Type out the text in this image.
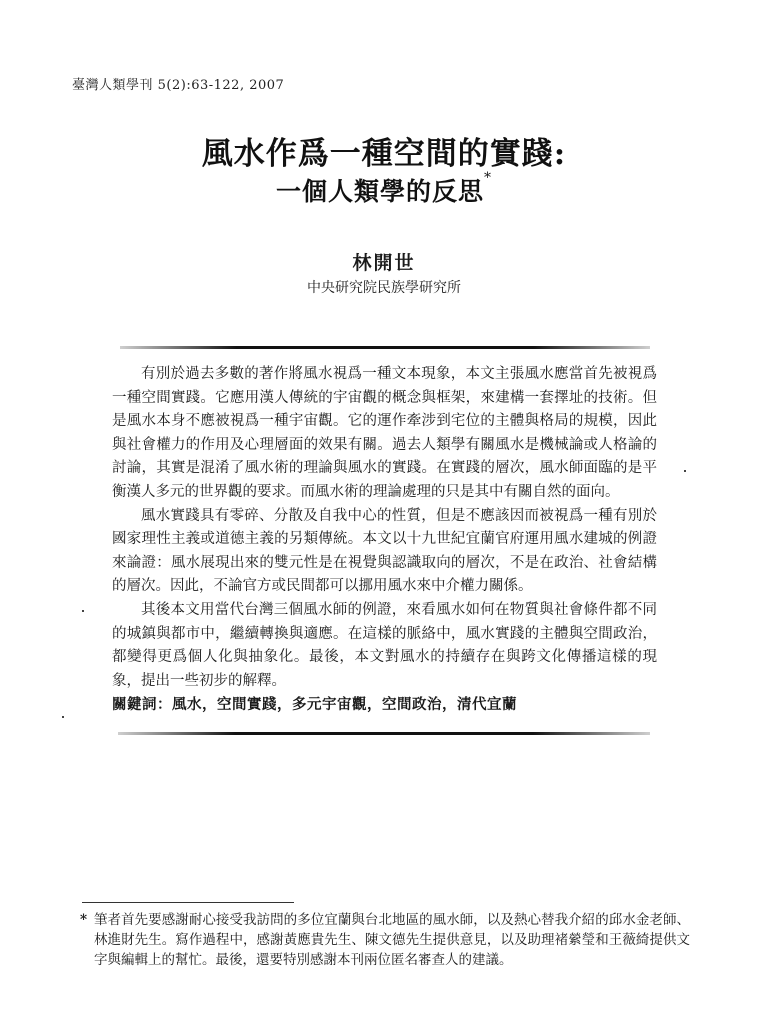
臺灣人類學刊 5(2):63-122, 2007
風水作爲一種空間的實踐:
一個人類學的反思*
林開世
中央研究院民族學研究所

有別於過去多數的著作將風水視爲一種文本現象，本文主張風水應當首先被視爲一種空間實踐。它應用漢人傳統的宇宙觀的概念與框架，來建構一套擇址的技術。但是風水本身不應被視爲一種宇宙觀。它的運作牽涉到宅位的主體與格局的規模，因此與社會權力的作用及心理層面的效果有關。過去人類學有關風水是機械論或人格論的討論，其實是混淆了風水術的理論與風水的實踐。在實踐的層次，風水師面臨的是平衡漢人多元的世界觀的要求。而風水術的理論處理的只是其中有關自然的面向。

風水實踐具有零碎、分散及自我中心的性質，但是不應該因而被視爲一種有別於國家理性主義或道德主義的另類傳統。本文以十九世紀宜蘭官府運用風水建城的例證來論證：風水展現出來的雙元性是在視覺與認識取向的層次，不是在政治、社會結構的層次。因此，不論官方或民間都可以挪用風水來中介權力關係。

其後本文用當代台灣三個風水師的例證，來看風水如何在物質與社會條件都不同的城鎮與都市中，繼續轉換與適應。在這樣的脈絡中，風水實踐的主體與空間政治，都變得更爲個人化與抽象化。最後，本文對風水的持續存在與跨文化傳播這樣的現象，提出一些初步的解釋。

關鍵詞：風水，空間實踐，多元宇宙觀，空間政治，清代宜蘭
* 筆者首先要感謝耐心接受我訪問的多位宜蘭與台北地區的風水師，以及熱心替我介紹的邱水金老師、林進財先生。寫作過程中，感謝黃應貴先生、陳文德先生提供意見，以及助理褚縈瑩和王薇綺提供文字與編輯上的幫忙。最後，還要特別感謝本刊兩位匿名審查人的建議。
